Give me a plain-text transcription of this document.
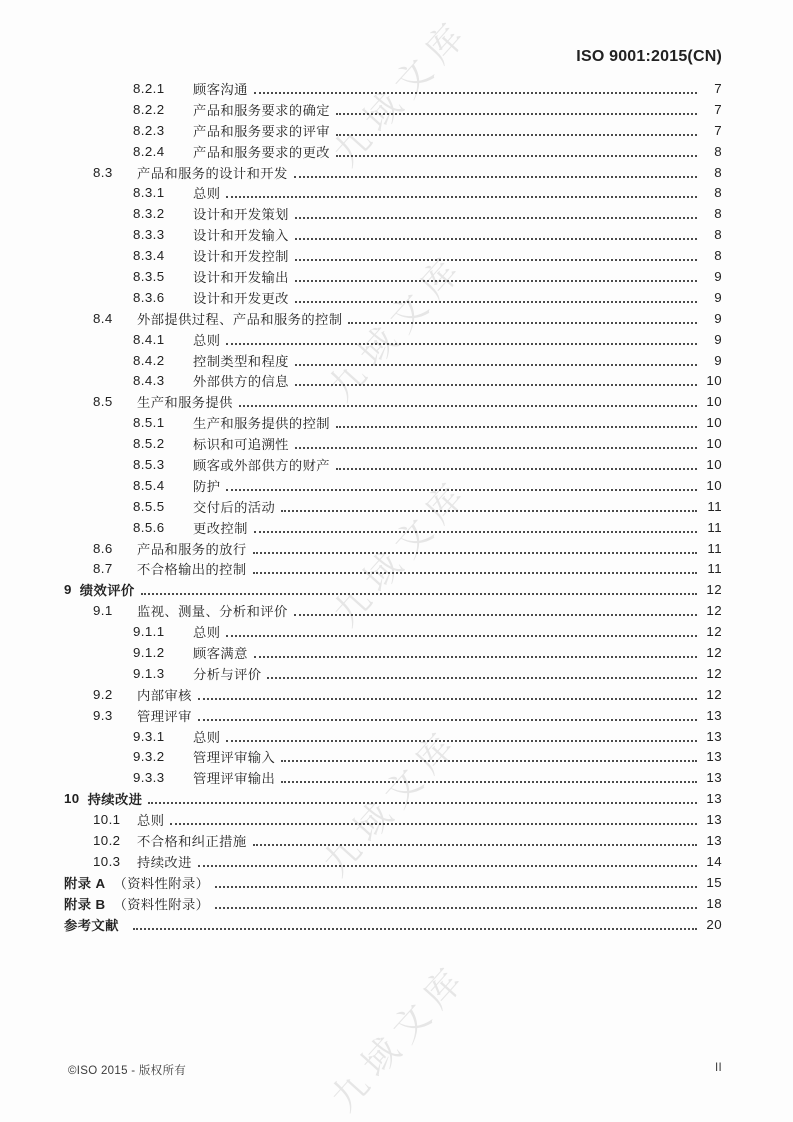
九域文库
九域文库
九域文库
九域文库
九域文库
ISO 9001:2015(CN)
8.2.1	顾客沟通	7
8.2.2	产品和服务要求的确定	7
8.2.3	产品和服务要求的评审	7
8.2.4	产品和服务要求的更改	8
8.3	产品和服务的设计和开发	8
8.3.1	总则	8
8.3.2	设计和开发策划	8
8.3.3	设计和开发输入	8
8.3.4	设计和开发控制	8
8.3.5	设计和开发输出	9
8.3.6	设计和开发更改	9
8.4	外部提供过程、产品和服务的控制	9
8.4.1	总则	9
8.4.2	控制类型和程度	9
8.4.3	外部供方的信息	10
8.5	生产和服务提供	10
8.5.1	生产和服务提供的控制	10
8.5.2	标识和可追溯性	10
8.5.3	顾客或外部供方的财产	10
8.5.4	防护	10
8.5.5	交付后的活动	11
8.5.6	更改控制	11
8.6	产品和服务的放行	11
8.7	不合格输出的控制	11
9 绩效评价	12
9.1	监视、测量、分析和评价	12
9.1.1	总则	12
9.1.2	顾客满意	12
9.1.3	分析与评价	12
9.2	内部审核	12
9.3	管理评审	13
9.3.1	总则	13
9.3.2	管理评审输入	13
9.3.3	管理评审输出	13
10 持续改进	13
10.1	总则	13
10.2	不合格和纠正措施	13
10.3	持续改进	14
附录 A （资料性附录）	15
附录 B （资料性附录）	18
参考文献	20
©ISO 2015 - 版权所有	II
